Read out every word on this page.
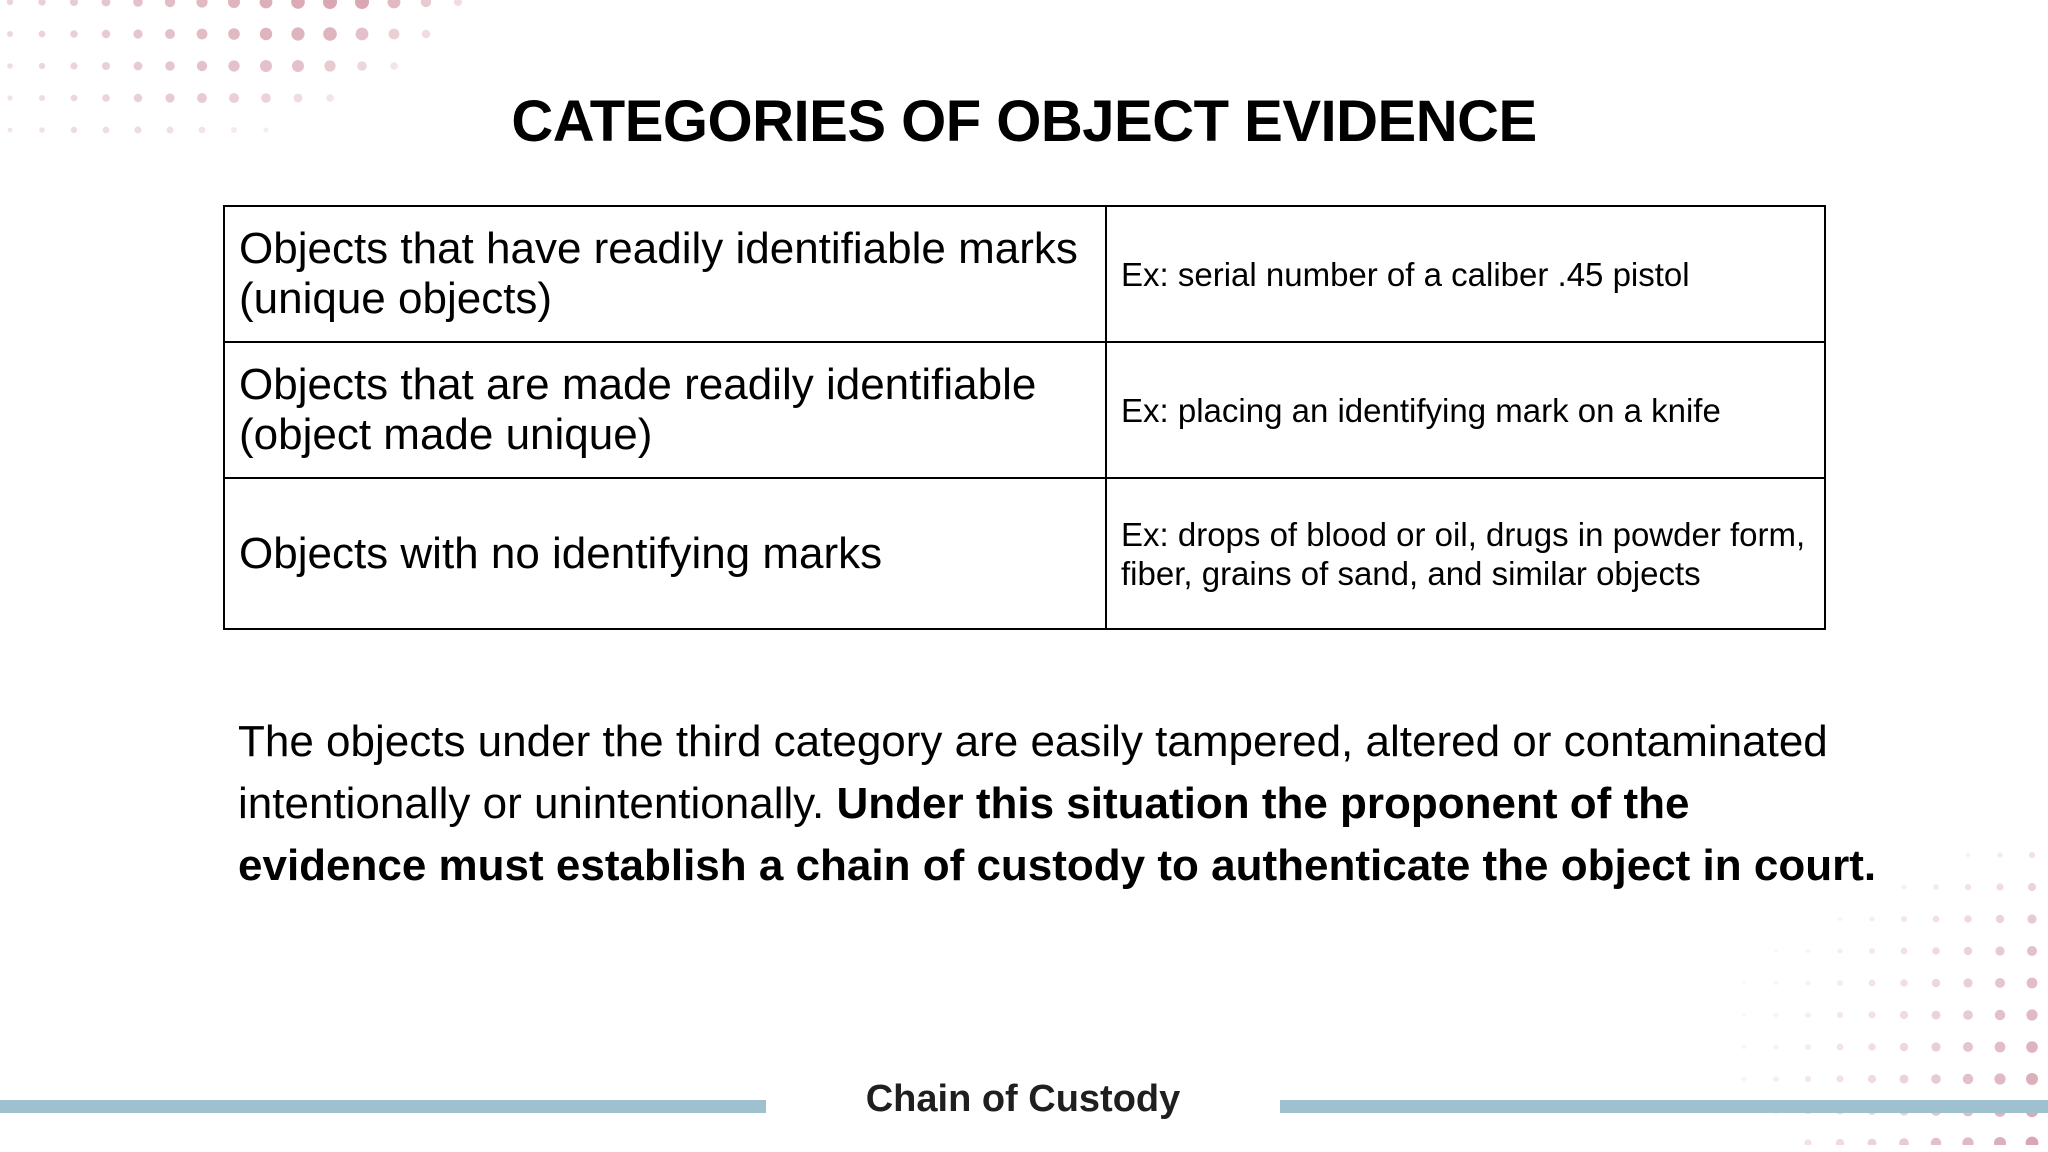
CATEGORIES OF OBJECT EVIDENCE
Objects that have readily identifiable marks (unique objects)	Ex: serial number of a caliber .45 pistol
Objects that are made readily identifiable (object made unique)	Ex: placing an identifying mark on a knife
Objects with no identifying marks	Ex: drops of blood or oil, drugs in powder form, fiber, grains of sand, and similar objects

The objects under the third category are easily tampered, altered or contaminated intentionally or unintentionally. Under this situation the proponent of the evidence must establish a chain of custody to authenticate the object in court.

Chain of Custody
